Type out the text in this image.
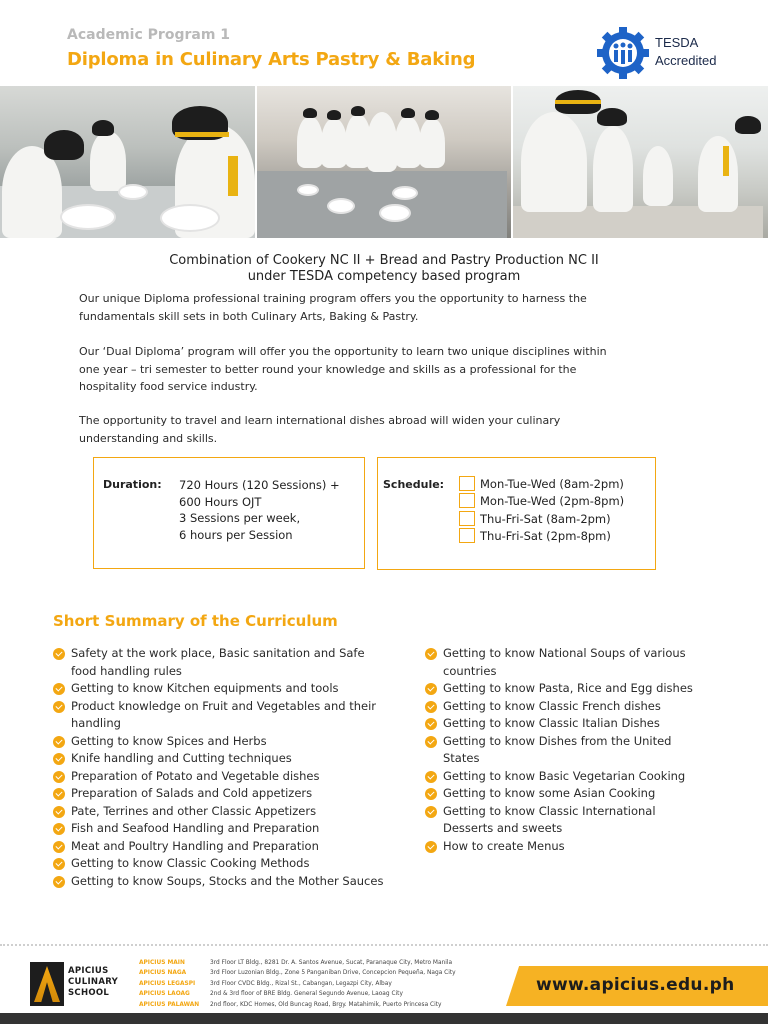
Academic Program 1
Diploma in Culinary Arts Pastry & Baking
TESDA
Accredited
Combination of Cookery NC II + Bread and Pastry Production NC II
under TESDA competency based program
Our unique Diploma professional training program offers you the opportunity to harness the
fundamentals skill sets in both Culinary Arts, Baking & Pastry.
Our ‘Dual Diploma’ program will offer you the opportunity to learn two unique disciplines within
one year – tri semester to better round your knowledge and skills as a professional for the
hospitality food service industry.
The opportunity to travel and learn international dishes abroad will widen your culinary
understanding and skills.
Duration: 720 Hours (120 Sessions) +
600 Hours OJT
3 Sessions per week,
6 hours per Session
Schedule:	Mon-Tue-Wed (8am-2pm)
Mon-Tue-Wed (2pm-8pm)
Thu-Fri-Sat (8am-2pm)
Thu-Fri-Sat (2pm-8pm)
Short Summary of the Curriculum
Safety at the work place, Basic sanitation and Safe
food handling rules
Getting to know Kitchen equipments and tools
Product knowledge on Fruit and Vegetables and their
handling
Getting to know Spices and Herbs
Knife handling and Cutting techniques
Preparation of Potato and Vegetable dishes
Preparation of Salads and Cold appetizers
Pate, Terrines and other Classic Appetizers
Fish and Seafood Handling and Preparation
Meat and Poultry Handling and Preparation
Getting to know Classic Cooking Methods
Getting to know Soups, Stocks and the Mother Sauces
Getting to know National Soups of various
countries
Getting to know Pasta, Rice and Egg dishes
Getting to know Classic French dishes
Getting to know Classic Italian Dishes
Getting to know Dishes from the United
States
Getting to know Basic Vegetarian Cooking
Getting to know some Asian Cooking
Getting to know Classic International
Desserts and sweets
How to create Menus
APICIUS
CULINARY
SCHOOL
APICIUS MAIN	3rd Floor LT Bldg., 8281 Dr. A. Santos Avenue, Sucat, Paranaque City, Metro Manila
APICIUS NAGA	3rd Floor Luzonian Bldg., Zone 5 Panganiban Drive, Concepcion Pequeña, Naga City
APICIUS LEGASPI 3rd Floor CVDC Bldg., Rizal St., Cabangan, Legazpi City, Albay
APICIUS LAOAG	2nd & 3rd floor of BRE Bldg. General Segundo Avenue, Laoag City
APICIUS PALAWAN 2nd floor, KDC Homes, Old Buncag Road, Brgy. Matahimik, Puerto Princesa City
www.apicius.edu.ph
